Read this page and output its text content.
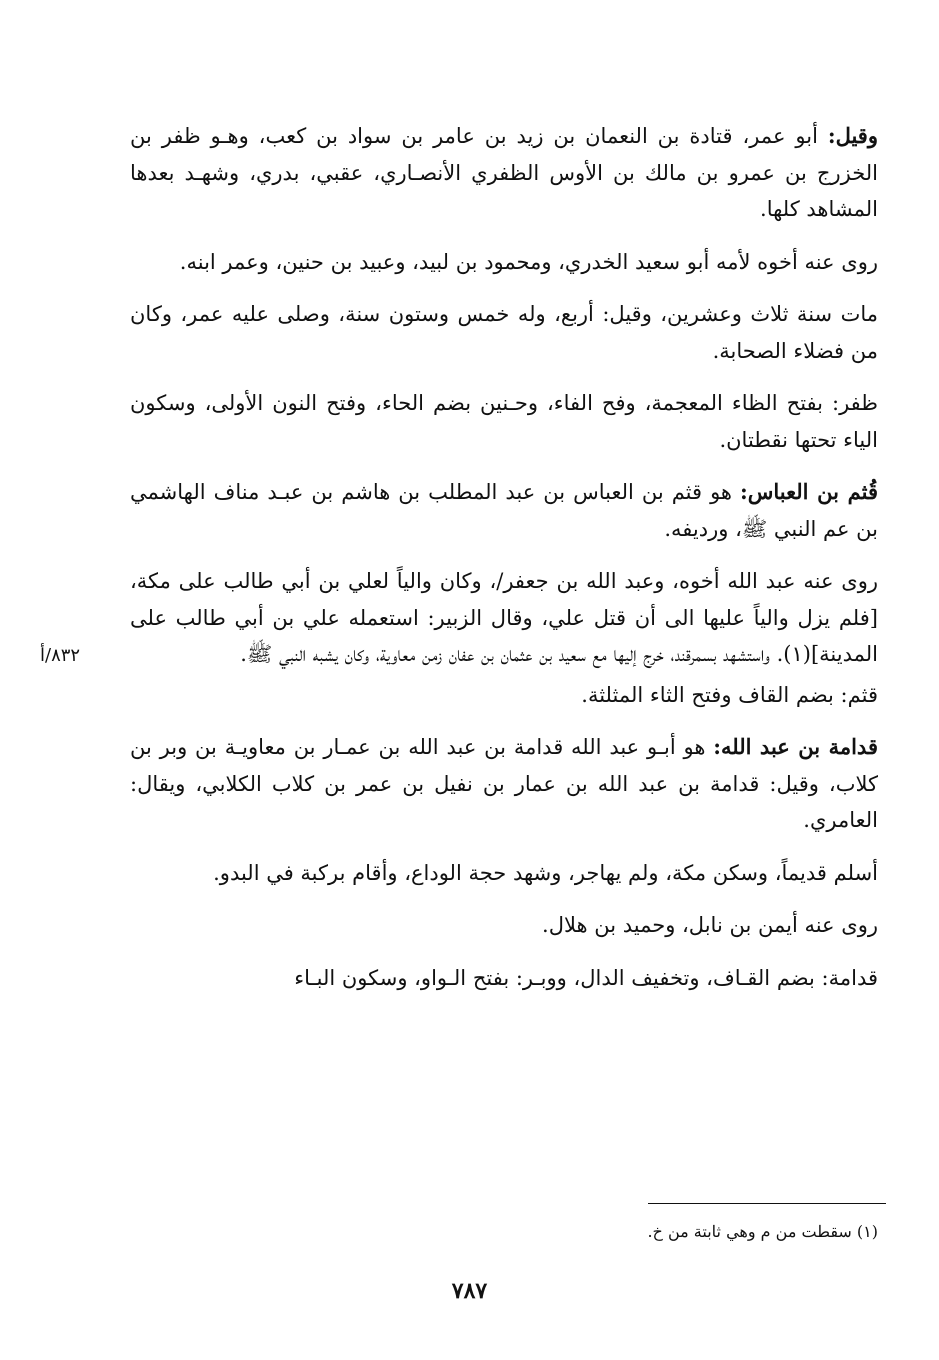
وقيل: أبو عمر، قتادة بن النعمان بن زيد بن عامر بن سواد بن كعب، وهـو ظفر بن الخزرج بن عمرو بن مالك بن الأوس الظفري الأنصـاري، عقبي، بدري، وشهـد بعدها المشاهد كلها.

روى عنه أخوه لأمه أبو سعيد الخدري، ومحمود بن لبيد، وعبيد بن حنين، وعمر ابنه.

مات سنة ثلاث وعشرين، وقيل: أربع، وله خمس وستون سنة، وصلى عليه عمر، وكان من فضلاء الصحابة.

ظفر: بفتح الظاء المعجمة، وفح الفاء، وحـنين بضم الحاء، وفتح النون الأولى، وسكون الياء تحتها نقطتان.

قُثم بن العباس: هو قثم بن العباس بن عبد المطلب بن هاشم بن عبـد مناف الهاشمي بن عم النبي ﷺ، ورديفه.

روى عنه عبد الله أخوه، وعبد الله بن جعفر/، وكان والياً لعلي بن أبي طالب على مكة، [فلم يزل والياً عليها الى أن قتل علي، وقال الزبير: استعمله علي بن أبي طالب على المدينة](١). واستشهد بسمرقند، خرج إليها مع سعيد بن عثمان بن عفان زمن معاوية، وكان يشبه النبي ﷺ.

قثم: بضم القاف وفتح الثاء المثلثة.

قدامة بن عبد الله: هو أبـو عبد الله قدامة بن عبد الله بن عمـار بن معاويـة بن وبر بن كلاب، وقيل: قدامة بن عبد الله بن عمار بن نفيل بن عمر بن كلاب الكلابي، ويقال: العامري.

أسلم قديماً، وسكن مكة، ولم يهاجر، وشهد حجة الوداع، وأقام بركبة في البدو.

روى عنه أيمن بن نابل، وحميد بن هلال.

قدامة: بضم القـاف، وتخفيف الدال، ووبـر: بفتح الـواو، وسكون البـاء

٨٣٢/أ
(١) سقطت من م وهي ثابتة من خ.
٧٨٧
